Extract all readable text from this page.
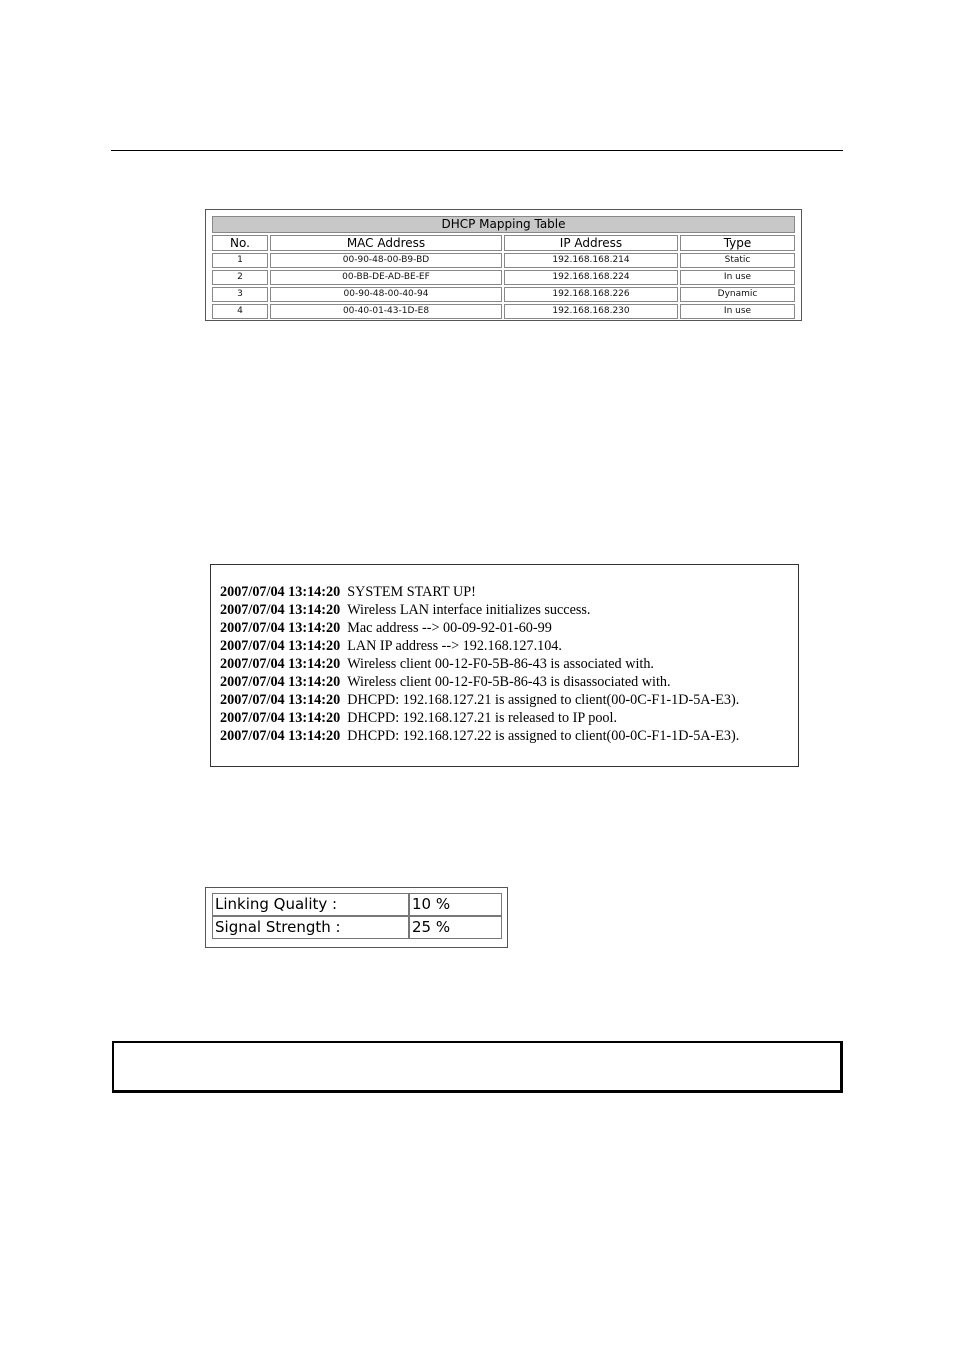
DHCP Mapping Table			
No.	MAC Address	IP Address	Type
1	00-90-48-00-B9-BD	192.168.168.214	Static
2	00-BB-DE-AD-BE-EF	192.168.168.224	In use
3	00-90-48-00-40-94	192.168.168.226	Dynamic
4	00-40-01-43-1D-E8	192.168.168.230	In use
2007/07/04 13:14:20 SYSTEM START UP!
2007/07/04 13:14:20 Wireless LAN interface initializes success.
2007/07/04 13:14:20 Mac address --> 00-09-92-01-60-99
2007/07/04 13:14:20 LAN IP address --> 192.168.127.104.
2007/07/04 13:14:20 Wireless client 00-12-F0-5B-86-43 is associated with.
2007/07/04 13:14:20 Wireless client 00-12-F0-5B-86-43 is disassociated with.
2007/07/04 13:14:20 DHCPD: 192.168.127.21 is assigned to client(00-0C-F1-1D-5A-E3).
2007/07/04 13:14:20 DHCPD: 192.168.127.21 is released to IP pool.
2007/07/04 13:14:20 DHCPD: 192.168.127.22 is assigned to client(00-0C-F1-1D-5A-E3).
Linking Quality :	10 %
Signal Strength :	25 %
